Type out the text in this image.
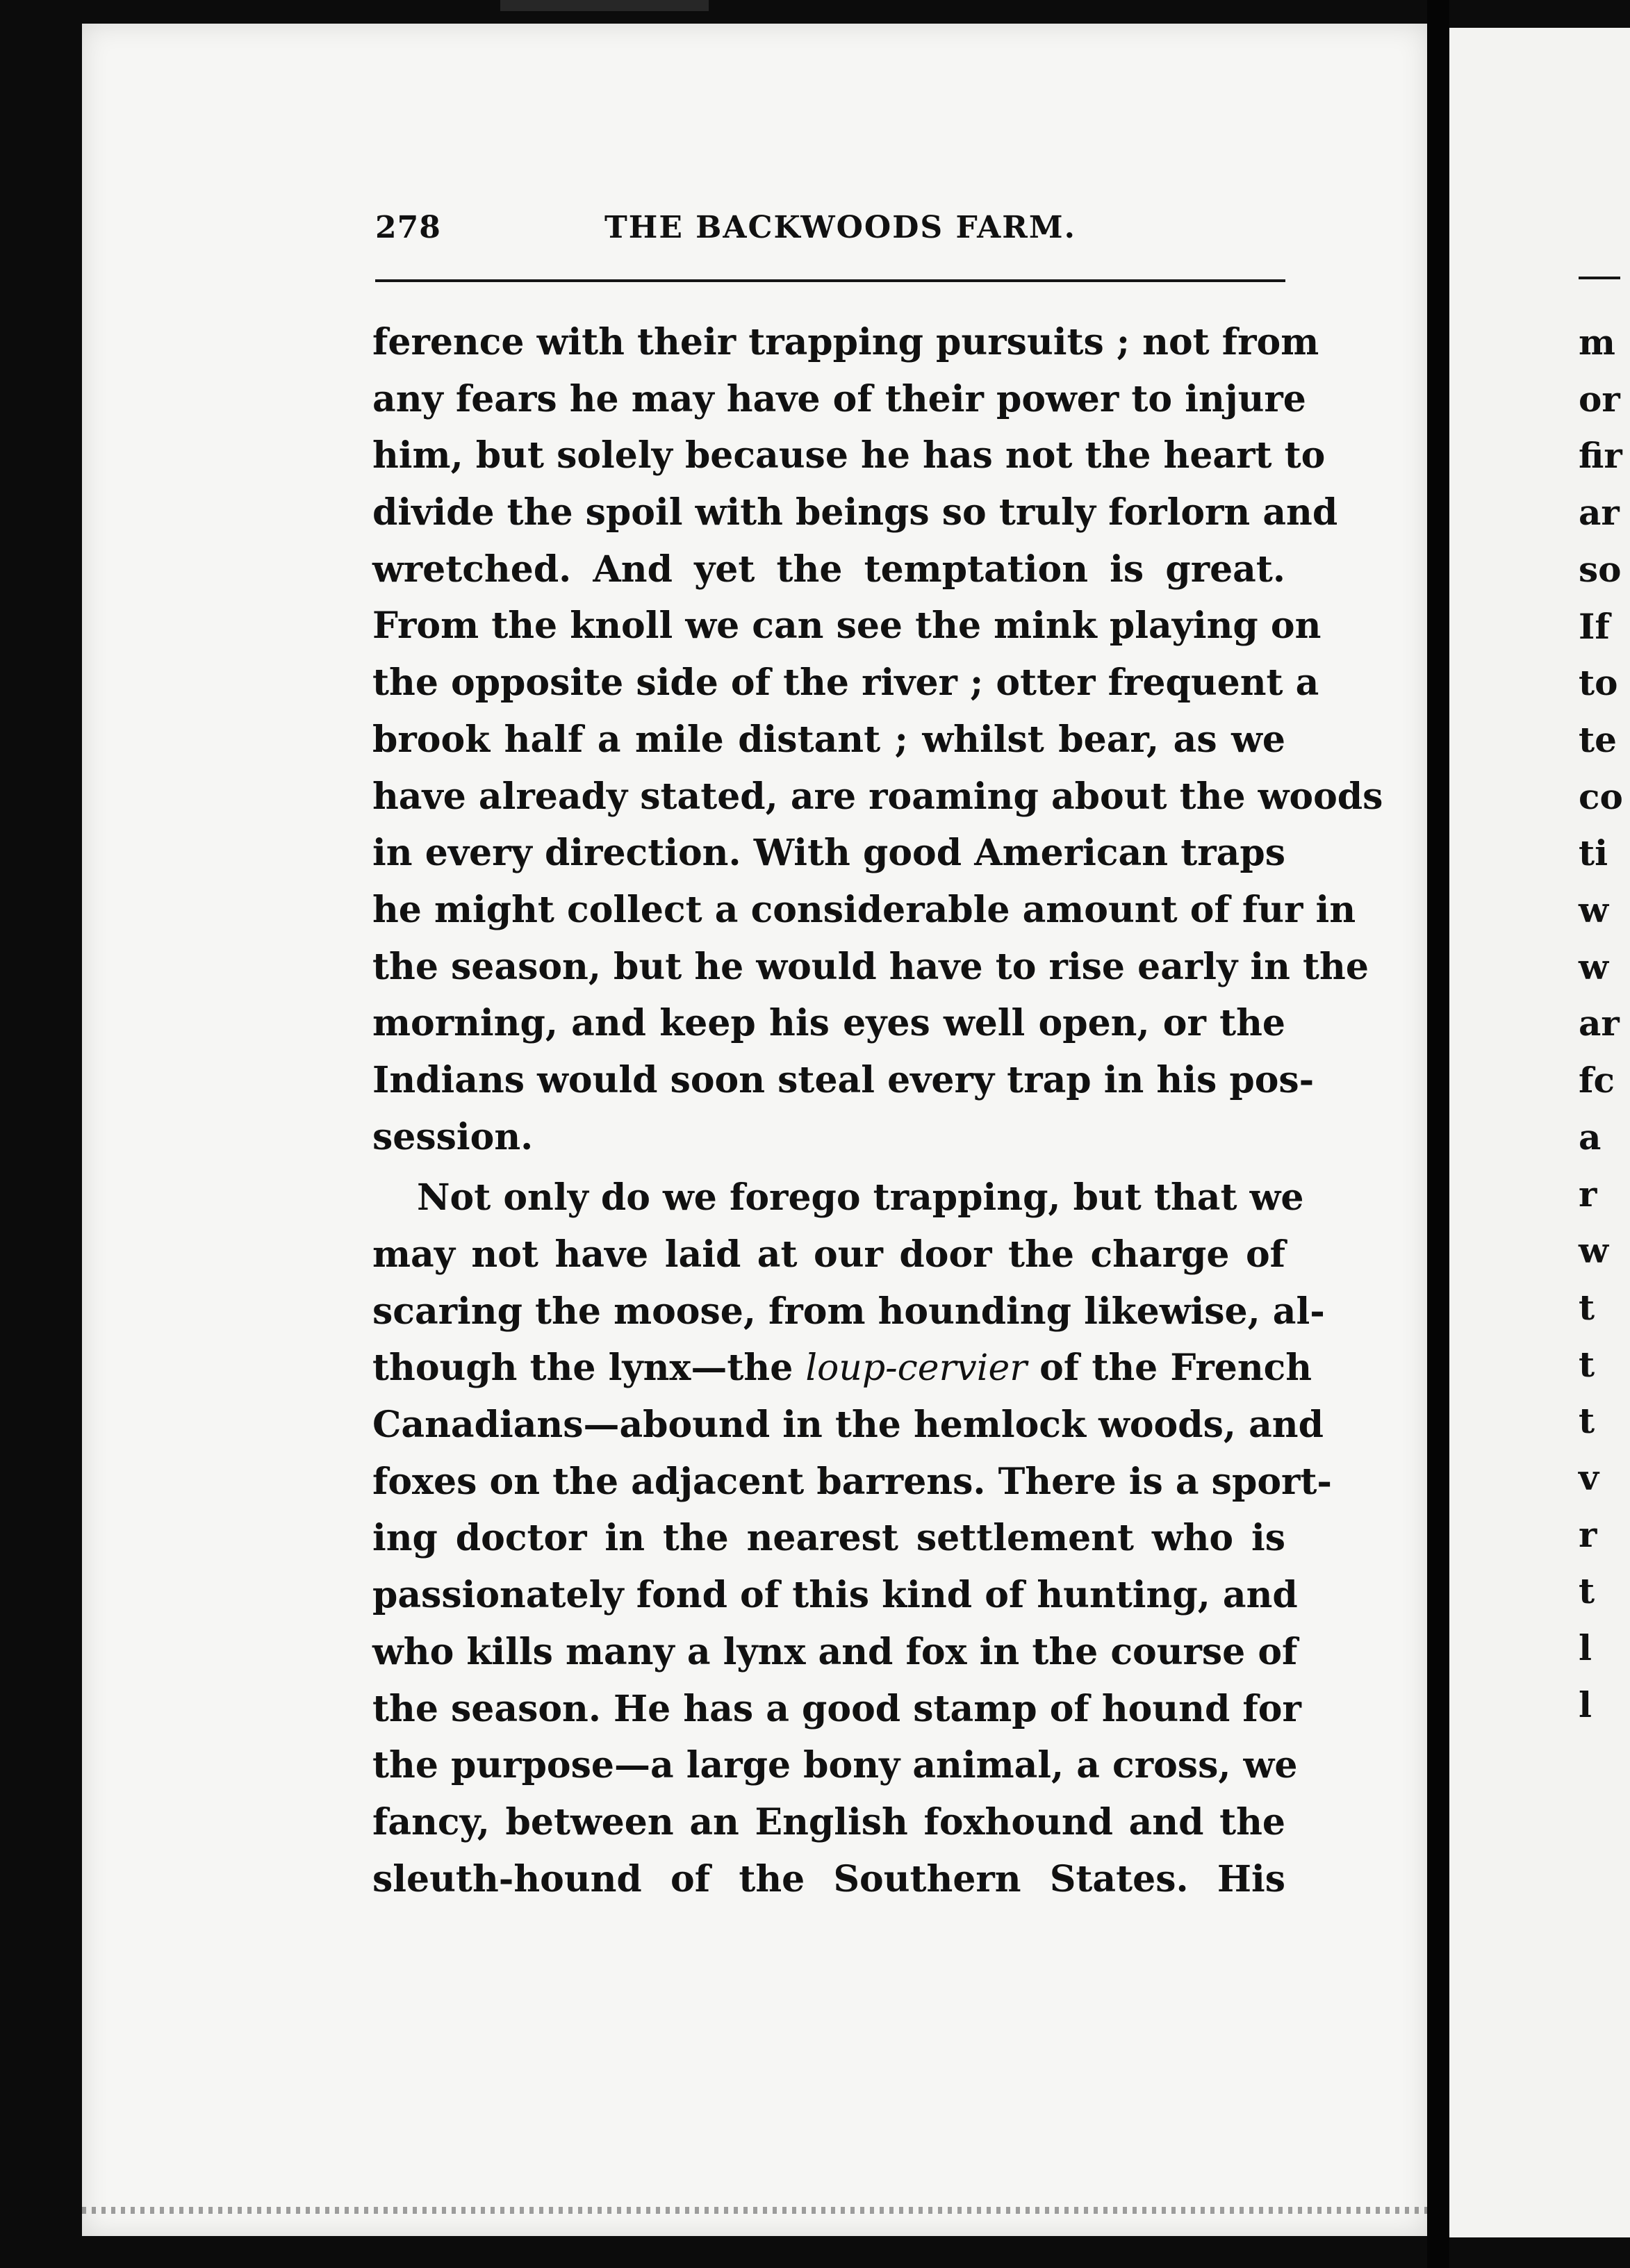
m
or
fir
ar
so
If
to
te
co
ti
w
w
ar
fc
a
r
w
t
t
t
v
r
t
l
l
278	THE BACKWOODS FARM.
ference with their trapping pursuits ; not from
any fears he may have of their power to injure
him, but solely because he has not the heart to
divide the spoil with beings so truly forlorn and
wretched. And yet the temptation is great.
From the knoll we can see the mink playing on
the opposite side of the river ; otter frequent a
brook half a mile distant ; whilst bear, as we
have already stated, are roaming about the woods
in every direction. With good American traps
he might collect a considerable amount of fur in
the season, but he would have to rise early in the
morning, and keep his eyes well open, or the
Indians would soon steal every trap in his pos-
session.
Not only do we forego trapping, but that we
may not have laid at our door the charge of
scaring the moose, from hounding likewise, al-
though the lynx—the loup-cervier of the French
Canadians—abound in the hemlock woods, and
foxes on the adjacent barrens. There is a sport-
ing doctor in the nearest settlement who is
passionately fond of this kind of hunting, and
who kills many a lynx and fox in the course of
the season. He has a good stamp of hound for
the purpose—a large bony animal, a cross, we
fancy, between an English foxhound and the
sleuth-hound of the Southern States. His
